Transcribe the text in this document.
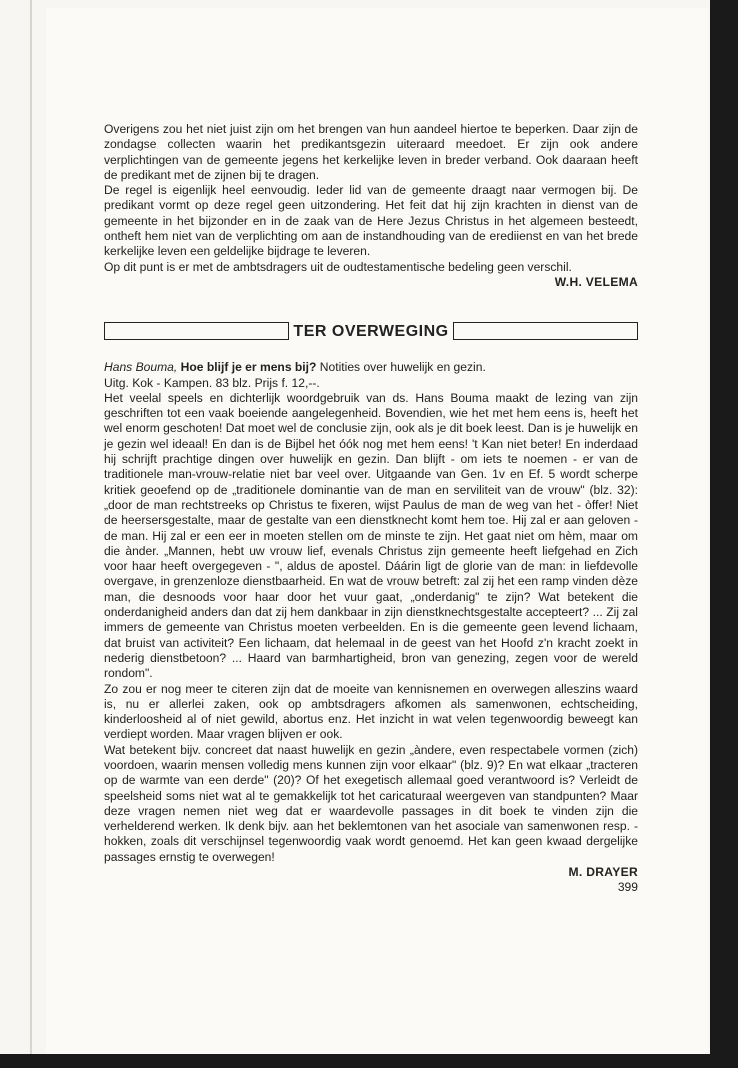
Overigens zou het niet juist zijn om het brengen van hun aandeel hiertoe te beperken. Daar zijn de zondagse collecten waarin het predikantsgezin uiteraard meedoet. Er zijn ook andere verplichtingen van de gemeente jegens het kerkelijke leven in breder verband. Ook daaraan heeft de predikant met de zijnen bij te dragen.

De regel is eigenlijk heel eenvoudig. Ieder lid van de gemeente draagt naar vermogen bij. De predikant vormt op deze regel geen uitzondering. Het feit dat hij zijn krachten in dienst van de gemeente in het bijzonder en in de zaak van de Here Jezus Christus in het algemeen besteedt, ontheft hem niet van de verplichting om aan de instandhouding van de erediienst en van het brede kerkelijke leven een geldelijke bijdrage te leveren.

Op dit punt is er met de ambtsdragers uit de oudtestamentische bedeling geen verschil.

W.H. VELEMA

TER OVERWEGING

Hans Bouma, Hoe blijf je er mens bij? Notities over huwelijk en gezin.

Uitg. Kok - Kampen. 83 blz. Prijs f. 12,--.

Het veelal speels en dichterlijk woordgebruik van ds. Hans Bouma maakt de lezing van zijn geschriften tot een vaak boeiende aangelegenheid. Bovendien, wie het met hem eens is, heeft het wel enorm geschoten! Dat moet wel de conclusie zijn, ook als je dit boek leest. Dan is je huwelijk en je gezin wel ideaal! En dan is de Bijbel het óók nog met hem eens! 't Kan niet beter! En inderdaad hij schrijft prachtige dingen over huwelijk en gezin. Dan blijft - om iets te noemen - er van de traditionele man-vrouw-relatie niet bar veel over. Uitgaande van Gen. 1v en Ef. 5 wordt scherpe kritiek geoefend op de „traditionele dominantie van de man en serviliteit van de vrouw" (blz. 32): „door de man rechtstreeks op Christus te fixeren, wijst Paulus de man de weg van het - òffer! Niet de heersersgestalte, maar de gestalte van een dienstknecht komt hem toe. Hij zal er aan geloven - de man. Hij zal er een eer in moeten stellen om de minste te zijn. Het gaat niet om hèm, maar om die ànder. „Mannen, hebt uw vrouw lief, evenals Christus zijn gemeente heeft liefgehad en Zich voor haar heeft overgegeven - ", aldus de apostel. Dáárin ligt de glorie van de man: in liefdevolle overgave, in grenzenloze dienstbaarheid. En wat de vrouw betreft: zal zij het een ramp vinden dèze man, die desnoods voor haar door het vuur gaat, „onderdanig" te zijn? Wat betekent die onderdanigheid anders dan dat zij hem dankbaar in zijn dienstknechtsgestalte accepteert? ... Zij zal immers de gemeente van Christus moeten verbeelden. En is die gemeente geen levend lichaam, dat bruist van activiteit? Een lichaam, dat helemaal in de geest van het Hoofd z'n kracht zoekt in nederig dienstbetoon? ... Haard van barmhartigheid, bron van genezing, zegen voor de wereld rondom".

Zo zou er nog meer te citeren zijn dat de moeite van kennisnemen en overwegen alleszins waard is, nu er allerlei zaken, ook op ambtsdragers afkomen als samenwonen, echtscheiding, kinderloosheid al of niet gewild, abortus enz. Het inzicht in wat velen tegenwoordig beweegt kan verdiept worden. Maar vragen blijven er ook.

Wat betekent bijv. concreet dat naast huwelijk en gezin „àndere, even respectabele vormen (zich) voordoen, waarin mensen volledig mens kunnen zijn voor elkaar" (blz. 9)? En wat elkaar „tracteren op de warmte van een derde" (20)? Of het exegetisch allemaal goed verantwoord is? Verleidt de speelsheid soms niet wat al te gemakkelijk tot het caricaturaal weergeven van standpunten? Maar deze vragen nemen niet weg dat er waardevolle passages in dit boek te vinden zijn die verhelderend werken. Ik denk bijv. aan het beklemtonen van het asociale van samenwonen resp. -hokken, zoals dit verschijnsel tegenwoordig vaak wordt genoemd. Het kan geen kwaad dergelijke passages ernstig te overwegen!

M. DRAYER

399
